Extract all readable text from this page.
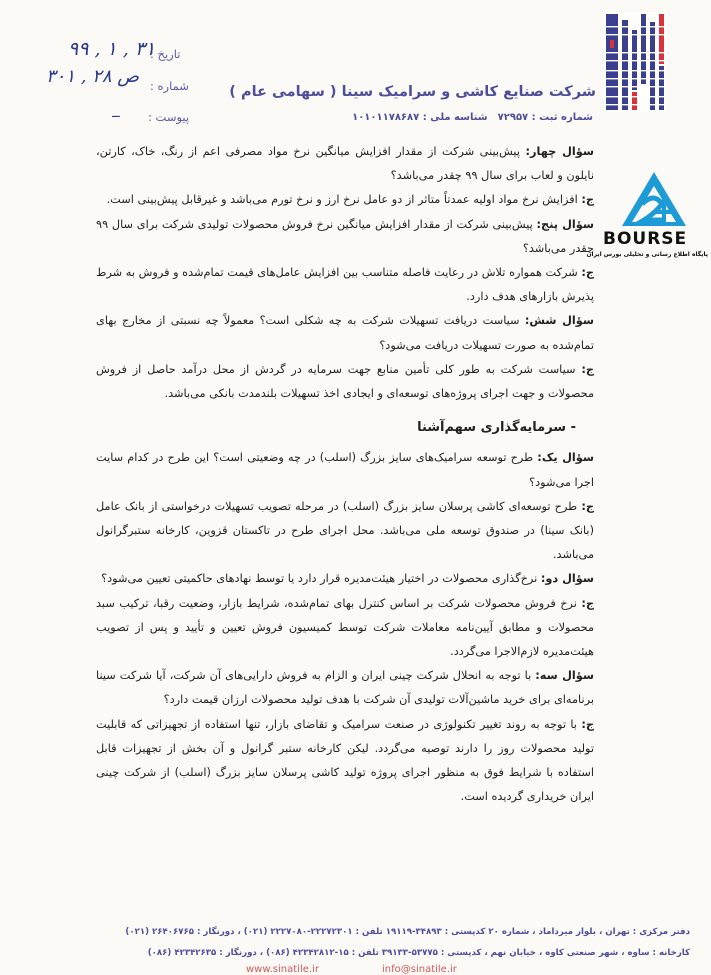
شرکت صنایع کاشی و سرامیک سینا ( سهامی عام )
شماره ثبت : ۷۲۹۵۷
شناسه ملی : ۱۰۱۰۱۱۷۸۶۸۷
تاریخ :
۹۹ , ۱ , ۳۱
شماره :
۳۰۱ , ۲۸ ص
پیوست :
ــ
BOURSE
پایگاه اطلاع رسانی و تحلیلی بورس ایران

سؤال چهار: پیش‌بینی شرکت از مقدار افزایش میانگین نرخ مواد مصرفی اعم از رنگ، خاک، کارتن، نایلون و لعاب برای سال ۹۹ چقدر می‌باشد؟

ج: افزایش نرخ مواد اولیه عمدتاً متاثر از دو عامل نرخ ارز و نرخ تورم می‌باشد و غیرقابل پیش‌بینی است.

سؤال پنج: پیش‌بینی شرکت از مقدار افزایش میانگین نرخ فروش محصولات تولیدی شرکت برای سال ۹۹ چقدر می‌باشد؟

ج: شرکت همواره تلاش در رعایت فاصله متناسب بین افزایش عامل‌های قیمت تمام‌شده و فروش به شرط پذیرش بازارهای هدف دارد.

سؤال شش: سیاست دریافت تسهیلات شرکت به چه شکلی است؟ معمولاً چه نسبتی از مخارج بهای تمام‌شده به صورت تسهیلات دریافت می‌شود؟

ج: سیاست شرکت به طور کلی تأمین منابع جهت سرمایه در گردش از محل درآمد حاصل از فروش محصولات و جهت اجرای پروژه‌های توسعه‌ای و ایجادی اخذ تسهیلات بلندمدت بانکی می‌باشد.

- سرمایه‌گذاری سهم‌آشنا

سؤال یک: طرح توسعه سرامیک‌های سایز بزرگ (اسلب) در چه وضعیتی است؟ این طرح در کدام سایت اجرا می‌شود؟

ج: طرح توسعه‌ای کاشی پرسلان سایز بزرگ (اسلب) در مرحله تصویب تسهیلات درخواستی از بانک عامل (بانک سینا) در صندوق توسعه ملی می‌باشد. محل اجرای طرح در تاکستان قزوین، کارخانه ستبرگرانول می‌باشد.

سؤال دو: نرخ‌گذاری محصولات در اختیار هیئت‌مدیره قرار دارد یا توسط نهادهای حاکمیتی تعیین می‌شود؟

ج: نرخ فروش محصولات شرکت بر اساس کنترل بهای تمام‌شده، شرایط بازار، وضعیت رقبا، ترکیب سبد محصولات و مطابق آیین‌نامه معاملات شرکت توسط کمیسیون فروش تعیین و تأیید و پس از تصویب هیئت‌مدیره لازم‌الاجرا می‌گردد.

سؤال سه: با توجه به انحلال شرکت چینی ایران و الزام به فروش دارایی‌های آن شرکت، آیا شرکت سینا برنامه‌ای برای خرید ماشین‌آلات تولیدی آن شرکت با هدف تولید محصولات ارزان قیمت دارد؟

ج: با توجه به روند تغییر تکنولوژی در صنعت سرامیک و تقاضای بازار، تنها استفاده از تجهیزاتی که قابلیت تولید محصولات روز را دارند توصیه می‌گردد. لیکن کارخانه ستبر گرانول و آن بخش از تجهیزات قابل استفاده با شرایط فوق به منظور اجرای پروژه تولید کاشی پرسلان سایز بزرگ (اسلب) از شرکت چینی ایران خریداری گردیده است.

دفتر مرکزی : تهران ، بلوار میرداماد ، شماره ۲۰ کدپستی : ۳۴۸۹۳-۱۹۱۱۹ تلفن : ۲۲۲۷۲۳۰۱-۲۲۲۷۰۸۰ (۰۲۱) ، دورنگار : ۲۶۴۰۶۷۶۵ (۰۲۱)
کارخانه : ساوه ، شهر صنعتی کاوه ، خیابان نهم ، کدپستی : ۵۳۷۷۵-۳۹۱۳۳ تلفن : ۱۵-۴۲۳۴۲۸۱۲ (۰۸۶) ، دورنگار : ۴۲۳۴۲۶۳۵ (۰۸۶)
www.sinatile.ir	info@sinatile.ir
